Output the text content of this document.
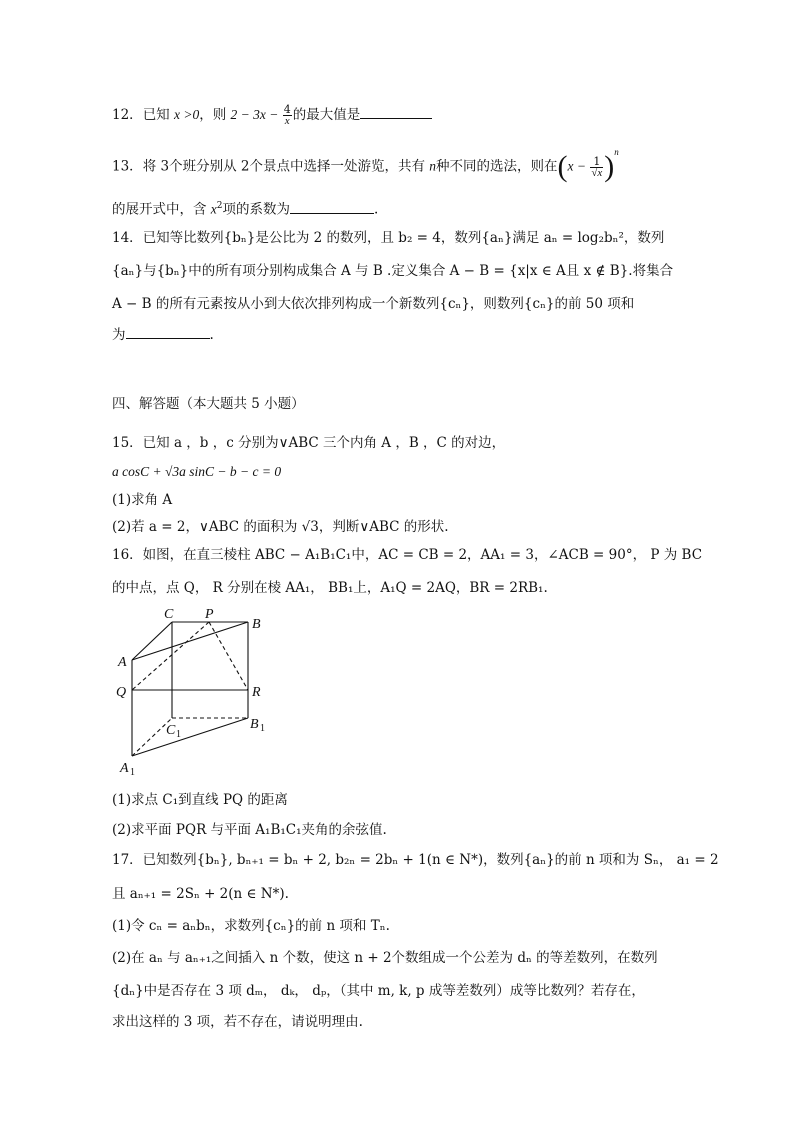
12．已知 x >0，则 $2 - 3x - \frac{4}{x}$ 的最大值是
13．将 3个班分别从 2个景点中选择一处游览，共有 n种不同的选法，则在$(x - \frac{1}{√x} )^n$
的展开式中，含 $x^2$项的系数为	.
14．已知等比数列{bₙ}是公比为 2 的数列，且 b₂ = 4，数列{aₙ}满足 aₙ = log₂bₙ²，数列
{aₙ}与{bₙ}中的所有项分别构成集合 A 与 B .定义集合 A − B = {x|x ∈ A且 x ∉ B}.将集合
A − B 的所有元素按从小到大依次排列构成一个新数列{cₙ}，则数列{cₙ}的前 50 项和
为	.
四、解答题（本大题共 5 小题）
15．已知 a ，b ，c 分别为∨ABC 三个内角 A ，B ，C 的对边，
a cosC + √3a sinC − b − c = 0
(1)求角 A
(2)若 a = 2，∨ABC 的面积为 √3，判断∨ABC 的形状.
16．如图，在直三棱柱 ABC − A₁B₁C₁中，AC = CB = 2，AA₁ = 3，∠ACB = 90°， P 为 BC
的中点，点 Q， R 分别在棱 AA₁， BB₁上，A₁Q = 2AQ，BR = 2RB₁.
C P
B
A
Q	R
C 1
B 1
A 1
(1)求点 C₁到直线 PQ 的距离
(2)求平面 PQR 与平面 A₁B₁C₁夹角的余弦值.
17．已知数列{bₙ}, bₙ₊₁ = bₙ + 2, b₂ₙ = 2bₙ + 1(n ∈ N*)，数列{aₙ}的前 n 项和为 Sₙ， a₁ = 2
且 aₙ₊₁ = 2Sₙ + 2(n ∈ N*).
(1)令 cₙ = aₙbₙ，求数列{cₙ}的前 n 项和 Tₙ.
(2)在 aₙ 与 aₙ₊₁之间插入 n 个数，使这 n + 2个数组成一个公差为 dₙ 的等差数列，在数列
{dₙ}中是否存在 3 项 dₘ， dₖ， dₚ，（其中 m, k, p 成等差数列）成等比数列？若存在，
求出这样的 3 项，若不存在，请说明理由.
